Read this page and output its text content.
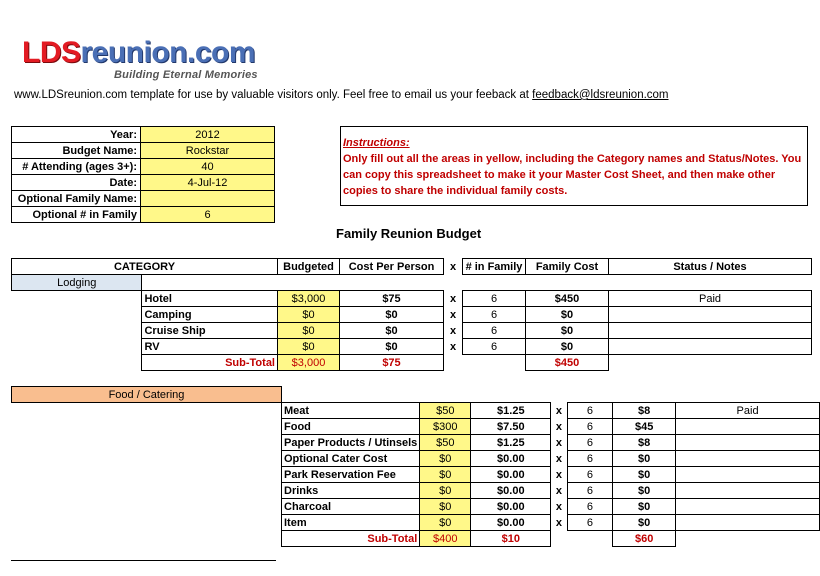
LDSreunion.com
Building Eternal Memories
www.LDSreunion.com template for use by valuable visitors only. Feel free to email us your feeback at feedback@ldsreunion.com
Year:	2012
Budget Name:	Rockstar
# Attending (ages 3+):	40
Date:	4-Jul-12
Optional Family Name:	
Optional # in Family	6
Instructions:
Only fill out all the areas in yellow, including the Category names and Status/Notes. You can copy this spreadsheet to make it your Master Cost Sheet, and then make other copies to share the individual family costs.
Family Reunion Budget
CATEGORY		Budgeted	Cost Per Person	x	# in Family	Family Cost	Status / Notes
Lodging							
	Hotel	$3,000	$75	x	6	$450	Paid
	Camping	$0	$0	x	6	$0	
	Cruise Ship	$0	$0	x	6	$0	
	RV	$0	$0	x	6	$0	
	Sub-Total	$3,000	$75			$450	
Food / Catering							

	Meat	$50	$1.25	x	6	$8	Paid
	Food	$300	$7.50	x	6	$45	
	Paper Products / Utinsels	$50	$1.25	x	6	$8	
	Optional Cater Cost	$0	$0.00	x	6	$0	
	Park Reservation Fee	$0	$0.00	x	6	$0	
	Drinks	$0	$0.00	x	6	$0	
	Charcoal	$0	$0.00	x	6	$0	
	Item	$0	$0.00	x	6	$0	
	Sub-Total	$400	$10			$60	
